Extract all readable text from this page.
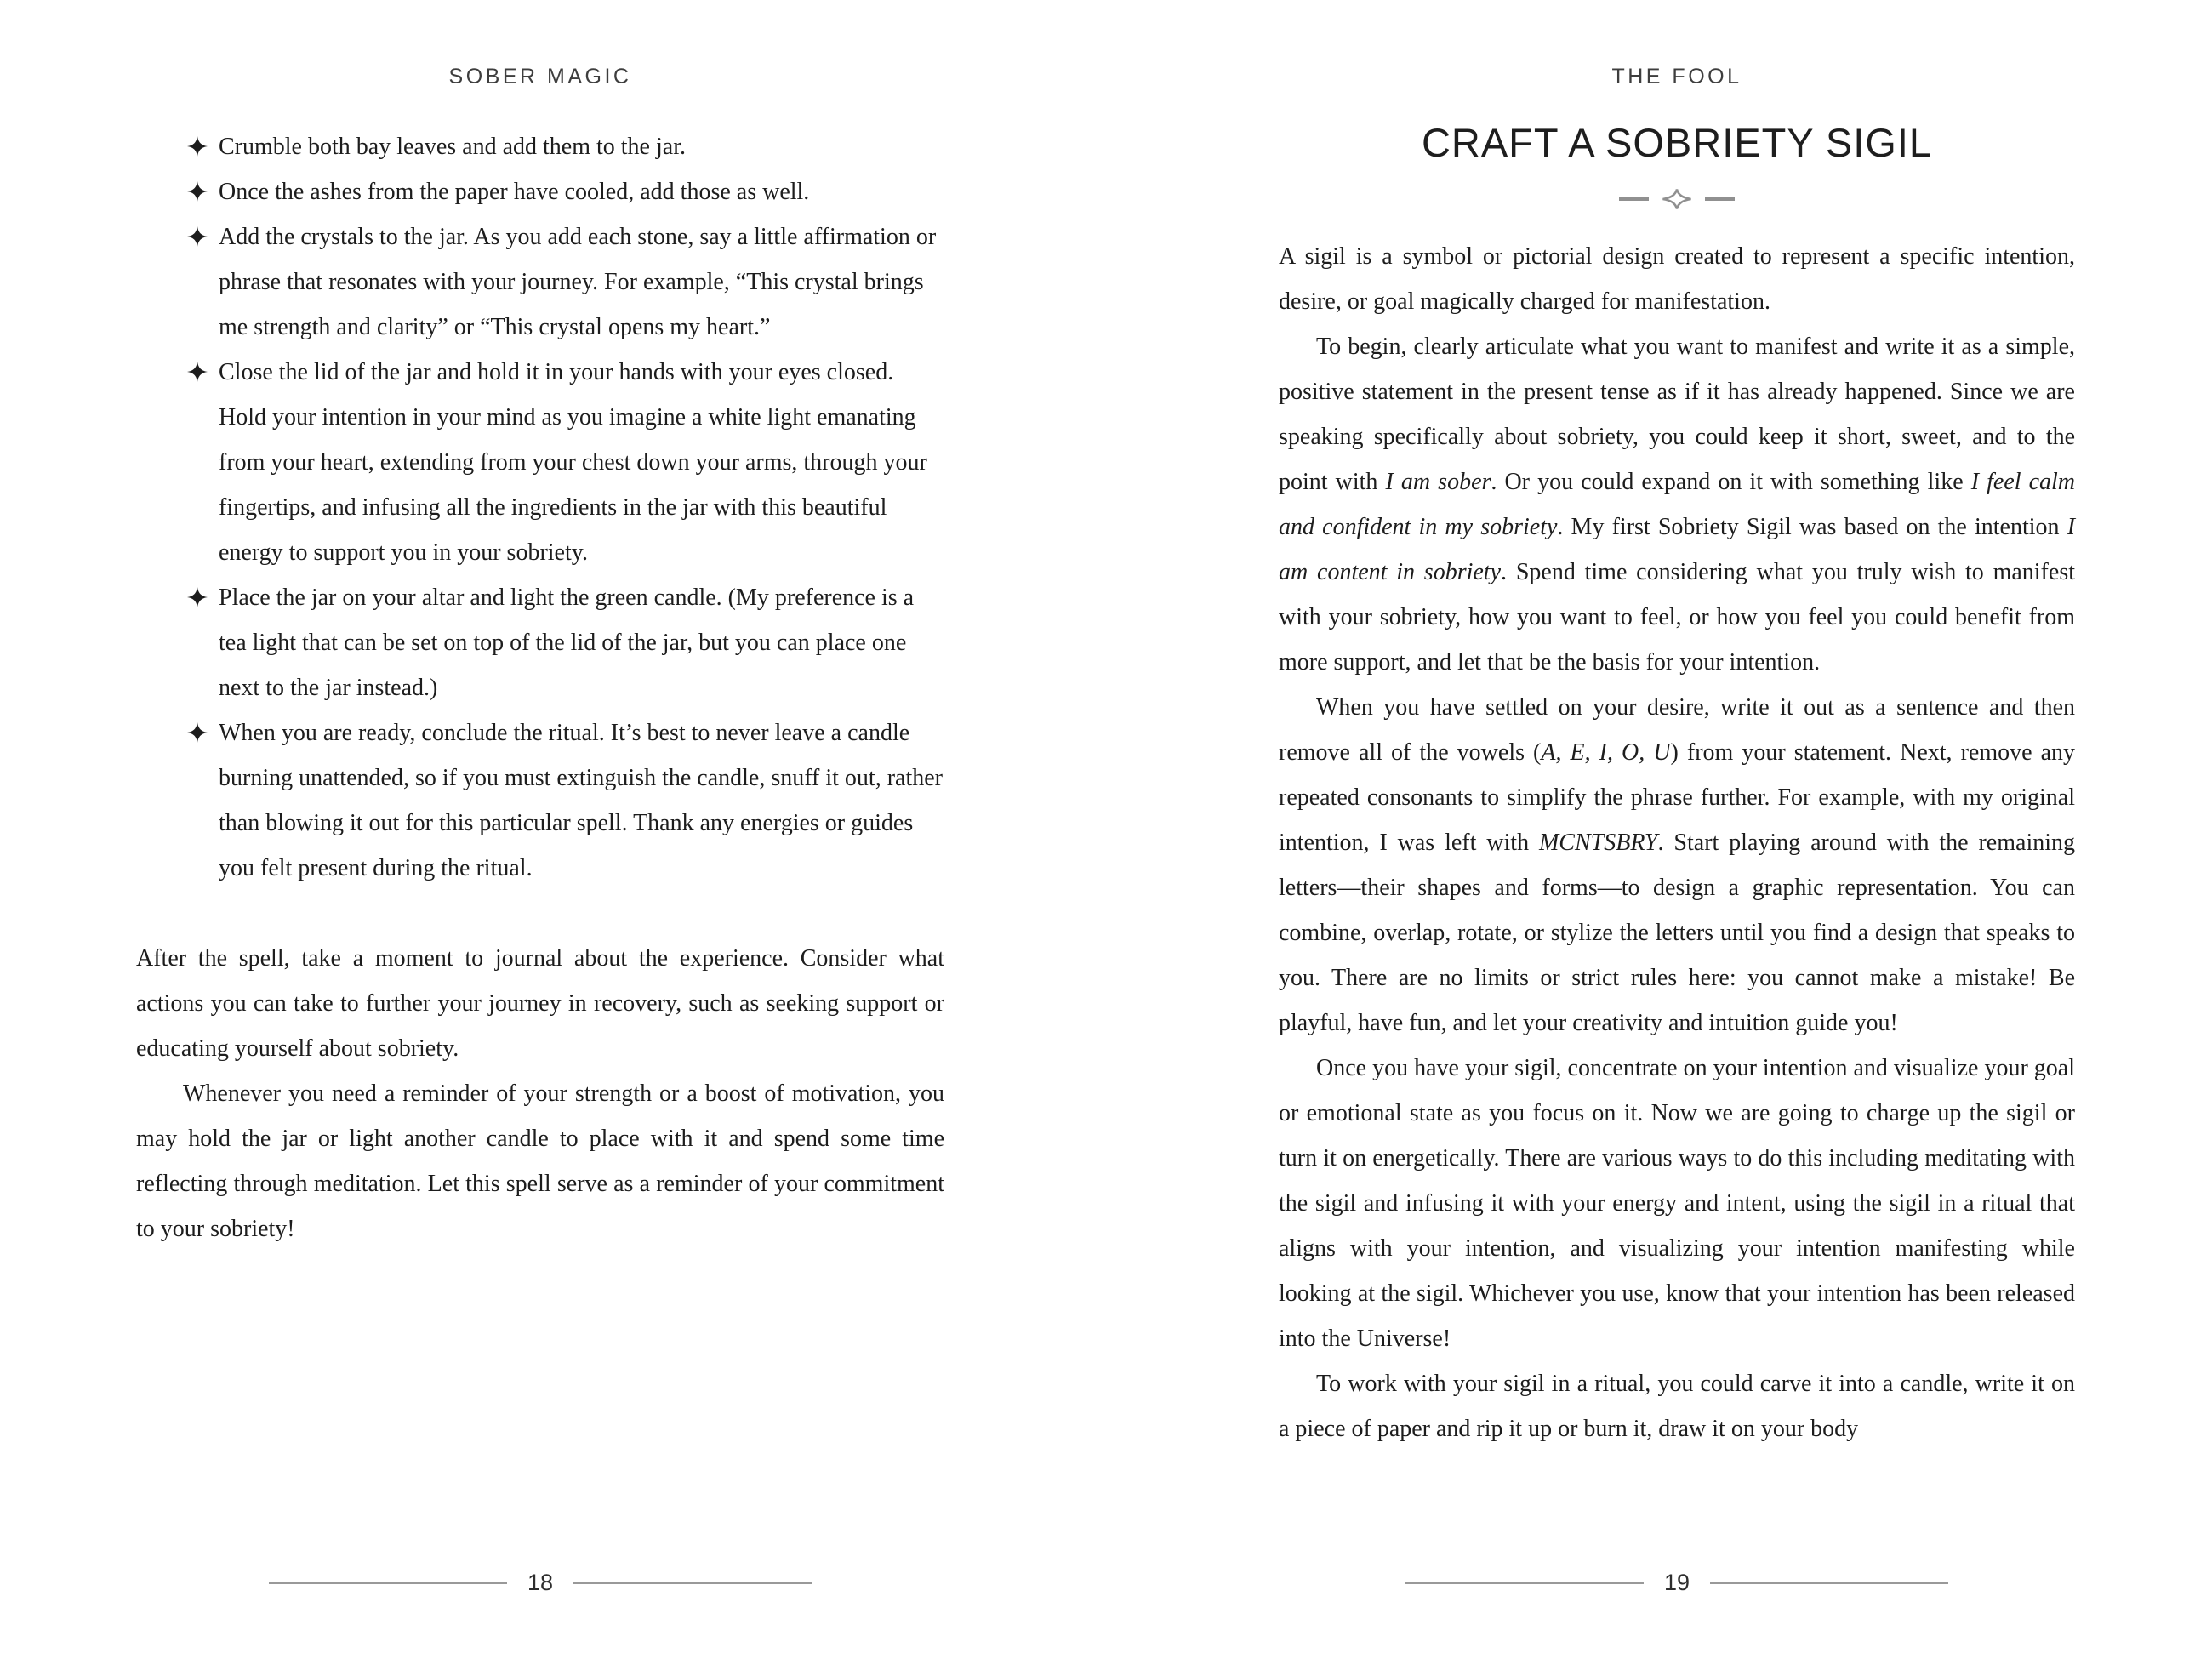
SOBER MAGIC
Crumble both bay leaves and add them to the jar.
Once the ashes from the paper have cooled, add those as well.
Add the crystals to the jar. As you add each stone, say a little affirmation or phrase that resonates with your journey. For example, “This crystal brings me strength and clarity” or “This crystal opens my heart.”
Close the lid of the jar and hold it in your hands with your eyes closed. Hold your intention in your mind as you imagine a white light emanating from your heart, extending from your chest down your arms, through your fingertips, and infusing all the ingredients in the jar with this beautiful energy to support you in your sobriety.
Place the jar on your altar and light the green candle. (My preference is a tea light that can be set on top of the lid of the jar, but you can place one next to the jar instead.)
When you are ready, conclude the ritual. It’s best to never leave a candle burning unattended, so if you must extinguish the candle, snuff it out, rather than blowing it out for this particular spell. Thank any energies or guides you felt present during the ritual.

After the spell, take a moment to journal about the experience. Consider what actions you can take to further your journey in recovery, such as seeking support or educating yourself about sobriety.

Whenever you need a reminder of your strength or a boost of motivation, you may hold the jar or light another candle to place with it and spend some time reflecting through meditation. Let this spell serve as a reminder of your commitment to your sobriety!

18
THE FOOL
CRAFT A SOBRIETY SIGIL

A sigil is a symbol or pictorial design created to represent a specific intention, desire, or goal magically charged for manifestation.

To begin, clearly articulate what you want to manifest and write it as a simple, positive statement in the present tense as if it has already happened. Since we are speaking specifically about sobriety, you could keep it short, sweet, and to the point with I am sober. Or you could expand on it with something like I feel calm and confident in my sobriety. My first Sobriety Sigil was based on the intention I am content in sobriety. Spend time considering what you truly wish to manifest with your sobriety, how you want to feel, or how you feel you could benefit from more support, and let that be the basis for your intention.

When you have settled on your desire, write it out as a sentence and then remove all of the vowels (A, E, I, O, U) from your statement. Next, remove any repeated consonants to simplify the phrase further. For example, with my original intention, I was left with MCNTSBRY. Start playing around with the remaining letters—their shapes and forms—to design a graphic representation. You can combine, overlap, rotate, or stylize the letters until you find a design that speaks to you. There are no limits or strict rules here: you cannot make a mistake! Be playful, have fun, and let your creativity and intuition guide you!

Once you have your sigil, concentrate on your intention and visualize your goal or emotional state as you focus on it. Now we are going to charge up the sigil or turn it on energetically. There are various ways to do this including meditating with the sigil and infusing it with your energy and intent, using the sigil in a ritual that aligns with your intention, and visualizing your intention manifesting while looking at the sigil. Whichever you use, know that your intention has been released into the Universe!

To work with your sigil in a ritual, you could carve it into a candle, write it on a piece of paper and rip it up or burn it, draw it on your body

19
